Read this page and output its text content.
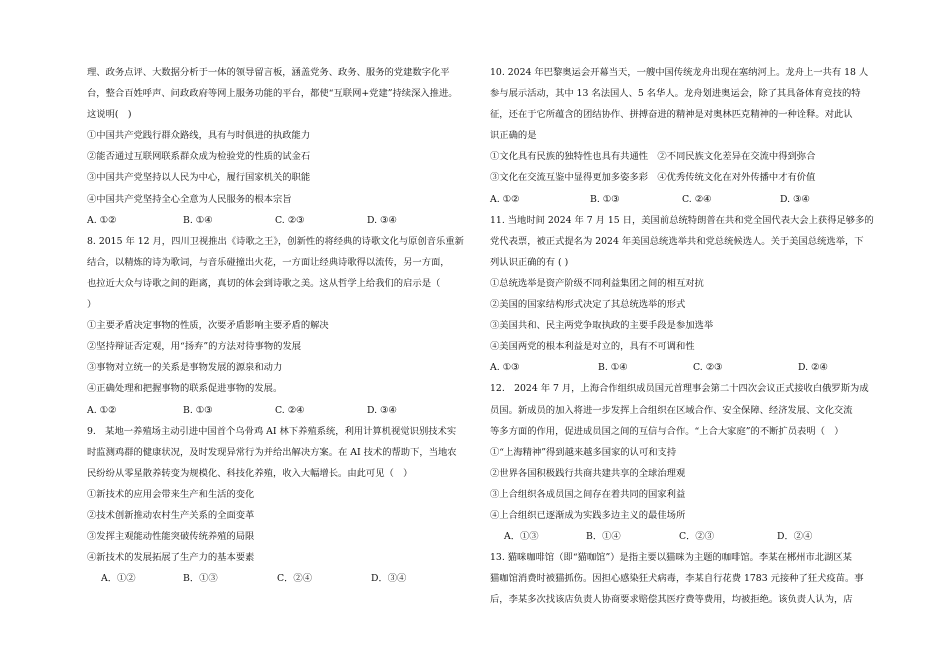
理、政务点评、大数据分析于一体的领导留言板，涵盖党务、政务、服务的党建数字化平
台，整合百姓呼声、问政政府等网上服务功能的平台，都使“互联网+党建”持续深入推进。
这说明(　)
①中国共产党践行群众路线，具有与时俱进的执政能力
②能否通过互联网联系群众成为检验党的性质的试金石
③中国共产党坚持以人民为中心，履行国家机关的职能
④中国共产党坚持全心全意为人民服务的根本宗旨
A. ①②	B. ①④	C. ②③	D. ③④
8. 2015 年 12 月，四川卫视推出《诗歌之王》，创新性的将经典的诗歌文化与原创音乐重新
结合，以精炼的诗为歌词，与音乐碰撞出火花，一方面让经典诗歌得以流传，另一方面，
也拉近大众与诗歌之间的距离，真切的体会到诗歌之美。这从哲学上给我们的启示是（
）
①主要矛盾决定事物的性质，次要矛盾影响主要矛盾的解决
②坚持辩证否定观，用“扬弃”的方法对待事物的发展
③事物对立统一的关系是事物发展的源泉和动力
④正确处理和把握事物的联系促进事物的发展。
A. ①②	B. ①③	C. ②④	D. ③④
9.　某地一养殖场主动引进中国首个乌骨鸡 AI 林下养殖系统，利用计算机视觉识别技术实
时监测鸡群的健康状况，及时发现异常行为并给出解决方案。在 AI 技术的帮助下，当地农
民纷纷从零星散养转变为规模化、科技化养殖，收入大幅增长。由此可见（　）
①新技术的应用会带来生产和生活的变化
②技术创新推动农村生产关系的全面变革
③发挥主观能动性能突破传统养殖的局限
④新技术的发展拓展了生产力的基本要素
A．①②	B．①③	C．②④	D．③④
10. 2024 年巴黎奥运会开幕当天，一艘中国传统龙舟出现在塞纳河上。龙舟上一共有 18 人
参与展示活动，其中 13 名法国人、5 名华人。龙舟划进奥运会，除了其具备体育竞技的特
征，还在于它所蕴含的团结协作、拼搏奋进的精神是对奥林匹克精神的一种诠释。对此认
识正确的是
①文化具有民族的独特性也具有共通性　②不同民族文化差异在交流中得到弥合
③文化在交流互鉴中显得更加多姿多彩　④优秀传统文化在对外传播中才有价值
A. ①②	B. ①③	C. ②④	D. ③④
11. 当地时间 2024 年 7 月 15 日，美国前总统特朗普在共和党全国代表大会上获得足够多的
党代表票，被正式提名为 2024 年美国总统选举共和党总统候选人。关于美国总统选举，下
列认识正确的有 ( )
①总统选举是资产阶级不同利益集团之间的相互对抗
②美国的国家结构形式决定了其总统选举的形式
③美国共和、民主两党争取执政的主要手段是参加选举
④美国两党的根本利益是对立的，具有不可调和性
A. ①③	B. ①④	C. ②③	D. ②④
12.　2024 年 7 月，上海合作组织成员国元首理事会第二十四次会议正式接收白俄罗斯为成
员国。新成员的加入将进一步发挥上合组织在区域合作、安全保障、经济发展、文化交流
等多方面的作用，促进成员国之间的互信与合作。“上合大家庭”的不断扩员表明（　）
①“上海精神”得到越来越多国家的认可和支持
②世界各国积极践行共商共建共享的全球治理观
③上合组织各成员国之间存在着共同的国家利益
④上合组织已逐渐成为实践多边主义的最佳场所
A．①③	B．①④	C．②③	D．②④
13. 猫咪咖啡馆（即“猫咖馆”）是指主要以猫咪为主题的咖啡馆。李某在郴州市北湖区某
猫咖馆消费时被猫抓伤。因担心感染狂犬病毒，李某自行花费 1783 元接种了狂犬疫苗。事
后，李某多次找该店负责人协商要求赔偿其医疗费等费用，均被拒绝。该负责人认为，店
